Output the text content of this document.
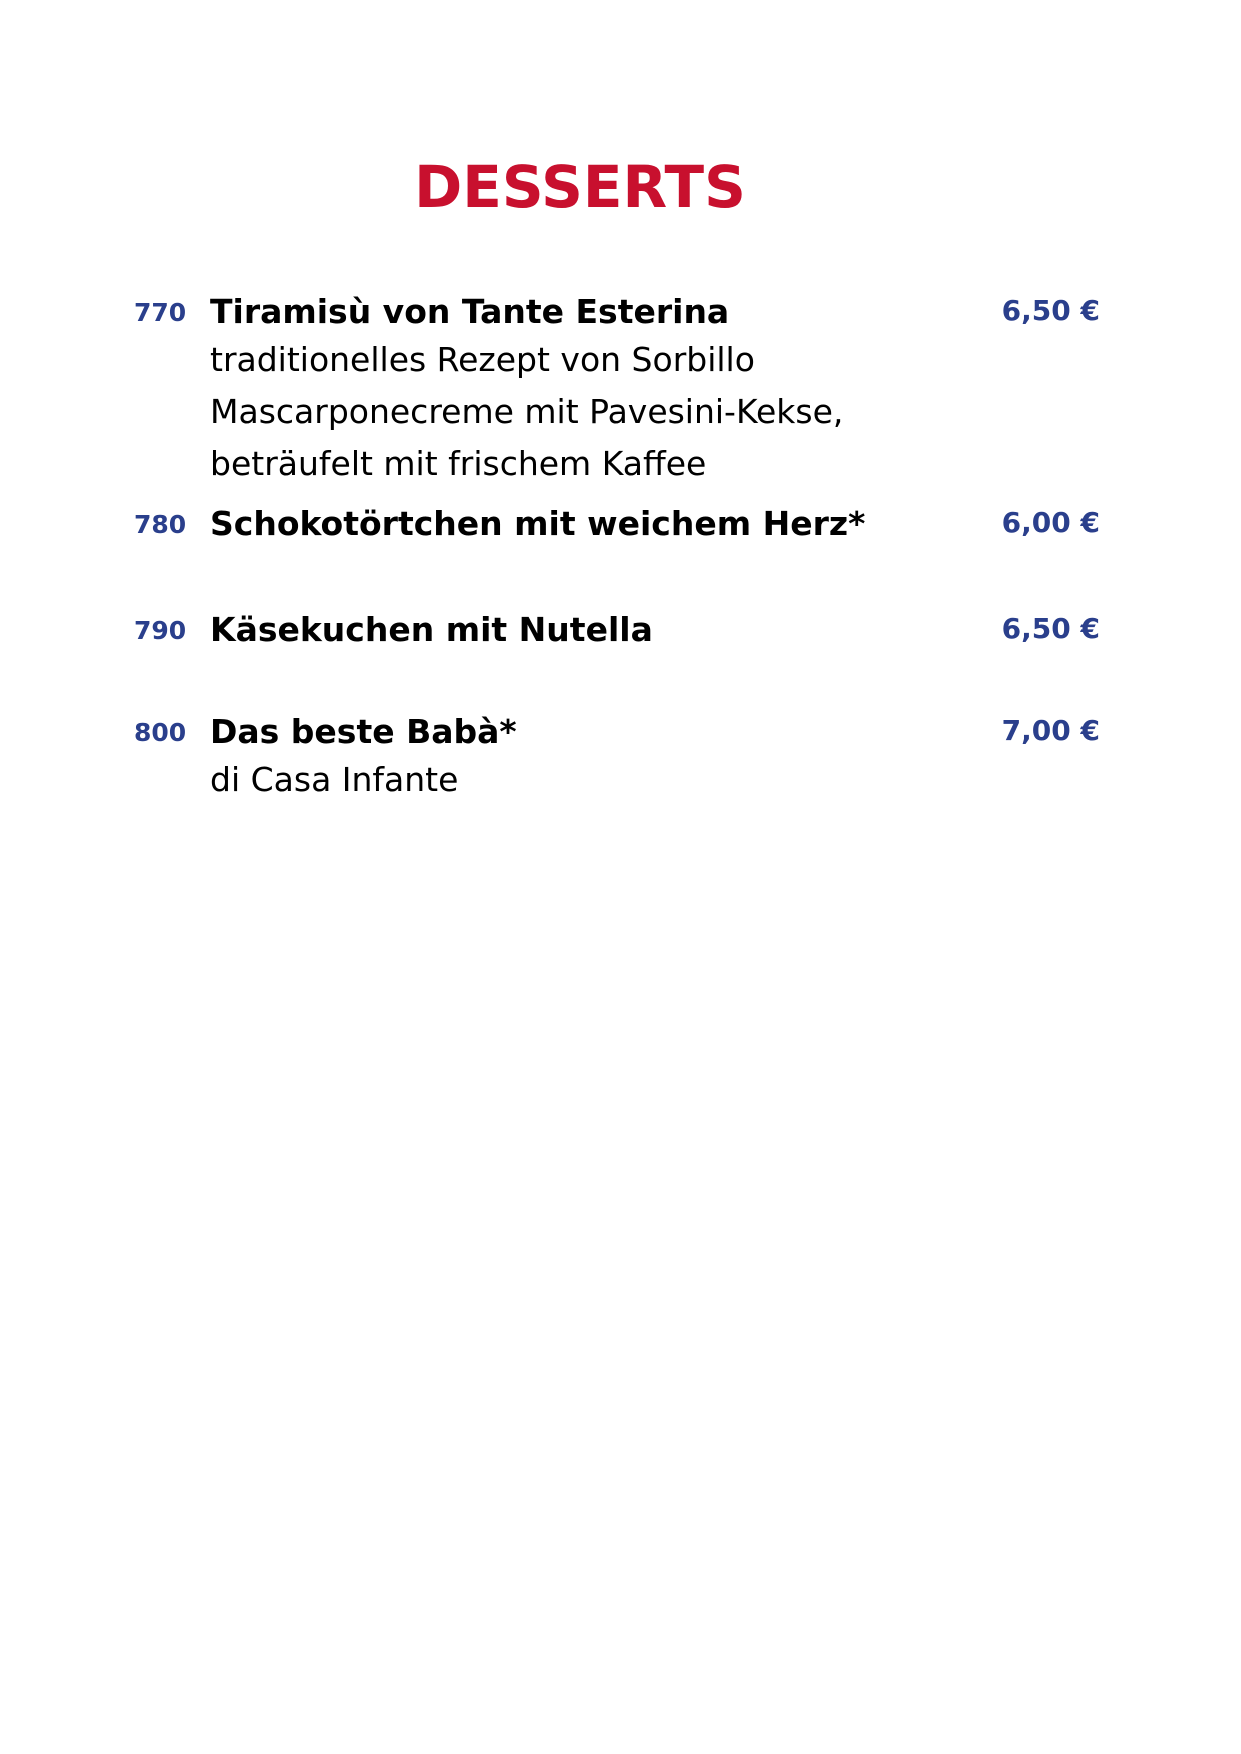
DESSERTS
770 Tiramisù von Tante Esterina	6,50 €
traditionelles Rezept von Sorbillo
Mascarponecreme mit Pavesini-Kekse,
beträufelt mit frischem Kaffee
780 Schokotörtchen mit weichem Herz*	6,00 €
790 Käsekuchen mit Nutella	6,50 €
800 Das beste Babà*	7,00 €
di Casa Infante
